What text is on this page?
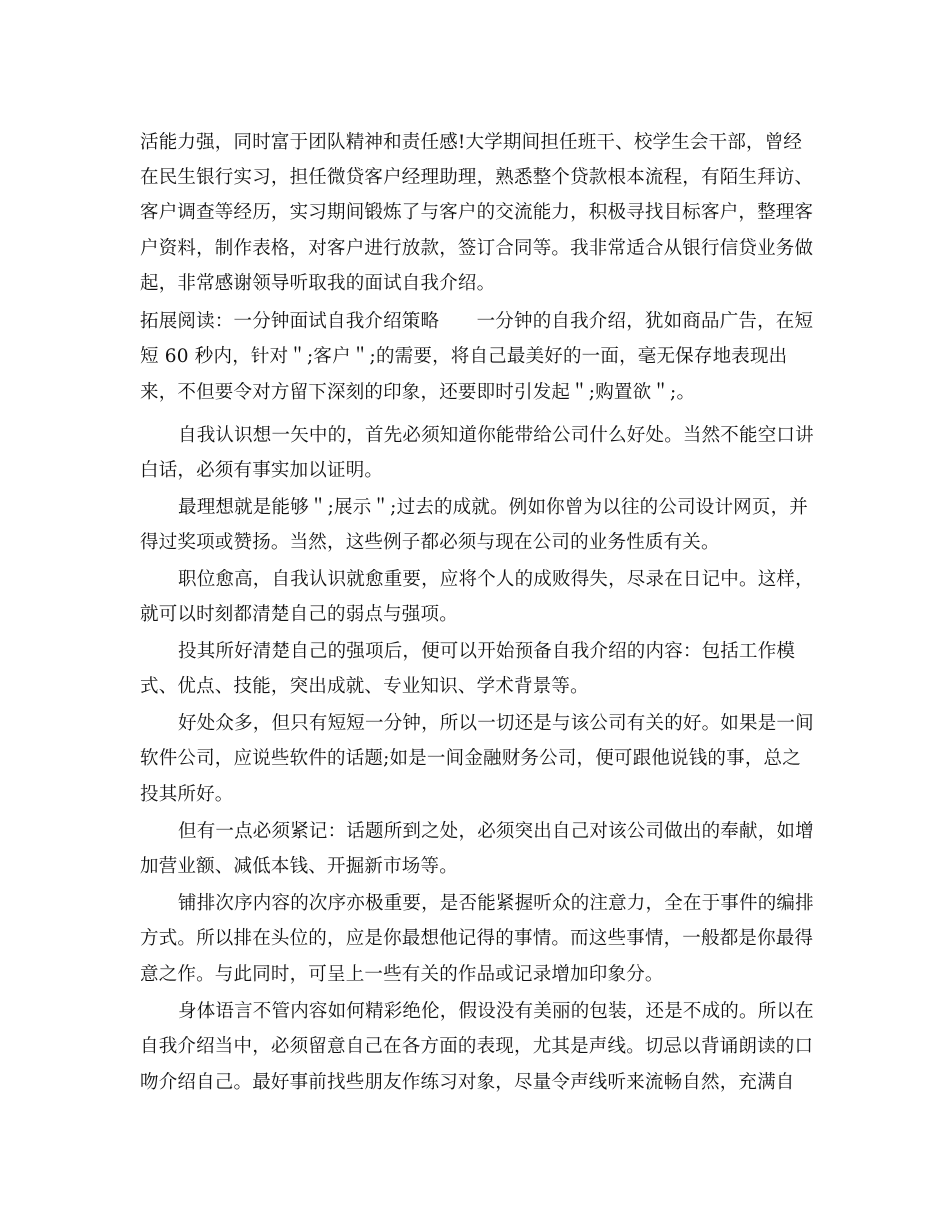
活能力强，同时富于团队精神和责任感!大学期间担任班干、校学生会干部，曾经
在民生银行实习，担任微贷客户经理助理，熟悉整个贷款根本流程，有陌生拜访、
客户调查等经历，实习期间锻炼了与客户的交流能力，积极寻找目标客户，整理客
户资料，制作表格，对客户进行放款，签订合同等。我非常适合从银行信贷业务做
起，非常感谢领导听取我的面试自我介绍。
拓展阅读：一分钟面试自我介绍策略　　一分钟的自我介绍，犹如商品广告，在短
短 60 秒内，针对＂;客户＂;的需要，将自己最美好的一面，毫无保存地表现出
来，不但要令对方留下深刻的印象，还要即时引发起＂;购置欲＂;。
自我认识想一矢中的，首先必须知道你能带给公司什么好处。当然不能空口讲
白话，必须有事实加以证明。
最理想就是能够＂;展示＂;过去的成就。例如你曾为以往的公司设计网页，并
得过奖项或赞扬。当然，这些例子都必须与现在公司的业务性质有关。
职位愈高，自我认识就愈重要，应将个人的成败得失，尽录在日记中。这样，
就可以时刻都清楚自己的弱点与强项。
投其所好清楚自己的强项后，便可以开始预备自我介绍的内容：包括工作模
式、优点、技能，突出成就、专业知识、学术背景等。
好处众多，但只有短短一分钟，所以一切还是与该公司有关的好。如果是一间
软件公司，应说些软件的话题;如是一间金融财务公司，便可跟他说钱的事，总之
投其所好。
但有一点必须紧记：话题所到之处，必须突出自己对该公司做出的奉献，如增
加营业额、减低本钱、开掘新市场等。
铺排次序内容的次序亦极重要，是否能紧握听众的注意力，全在于事件的编排
方式。所以排在头位的，应是你最想他记得的事情。而这些事情，一般都是你最得
意之作。与此同时，可呈上一些有关的作品或记录增加印象分。
身体语言不管内容如何精彩绝伦，假设没有美丽的包装，还是不成的。所以在
自我介绍当中，必须留意自己在各方面的表现，尤其是声线。切忌以背诵朗读的口
吻介绍自己。最好事前找些朋友作练习对象，尽量令声线听来流畅自然，充满自
